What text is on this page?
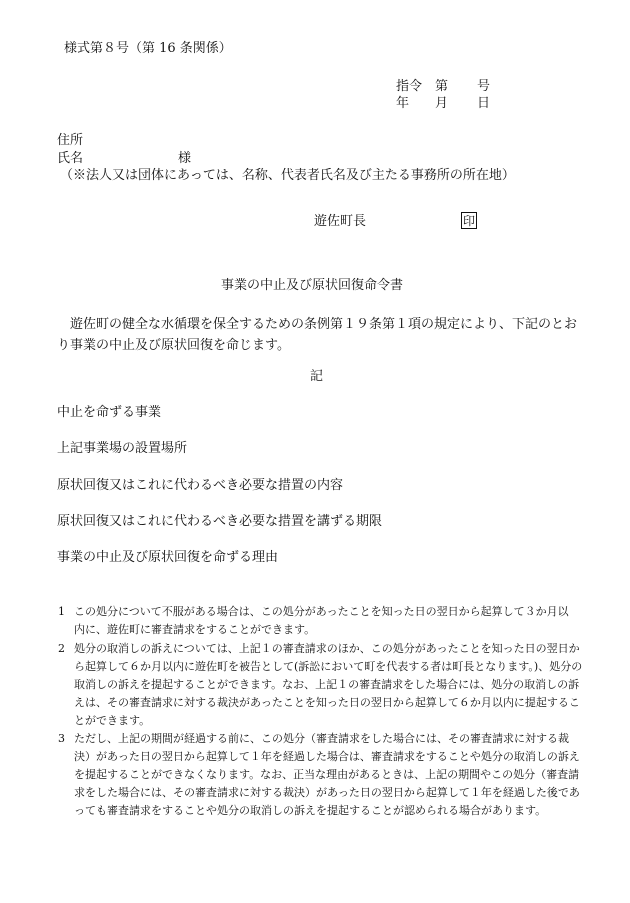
様式第８号（第 16 条関係）
指令 第 号
年 月 日
住所
氏名	様
（※法人又は団体にあっては、名称、代表者氏名及び主たる事務所の所在地）
遊佐町長	印
事業の中止及び原状回復命令書
遊佐町の健全な水循環を保全するための条例第１９条第１項の規定により、下記のとおり事業の中止及び原状回復を命じます。
記
中止を命ずる事業
上記事業場の設置場所
原状回復又はこれに代わるべき必要な措置の内容
原状回復又はこれに代わるべき必要な措置を講ずる期限
事業の中止及び原状回復を命ずる理由
1 この処分について不服がある場合は、この処分があったことを知った日の翌日から起算して３か月以内に、遊佐町に審査請求をすることができます。
2 処分の取消しの訴えについては、上記１の審査請求のほか、この処分があったことを知った日の翌日から起算して６か月以内に遊佐町を被告として(訴訟において町を代表する者は町長となります。)、処分の取消しの訴えを提起することができます。なお、上記１の審査請求をした場合には、処分の取消しの訴えは、その審査請求に対する裁決があったことを知った日の翌日から起算して６か月以内に提起することができます。
3 ただし、上記の期間が経過する前に、この処分（審査請求をした場合には、その審査請求に対する裁決）があった日の翌日から起算して１年を経過した場合は、審査請求をすることや処分の取消しの訴えを提起することができなくなります。なお、正当な理由があるときは、上記の期間やこの処分（審査請求をした場合には、その審査請求に対する裁決）があった日の翌日から起算して１年を経過した後であっても審査請求をすることや処分の取消しの訴えを提起することが認められる場合があります。
